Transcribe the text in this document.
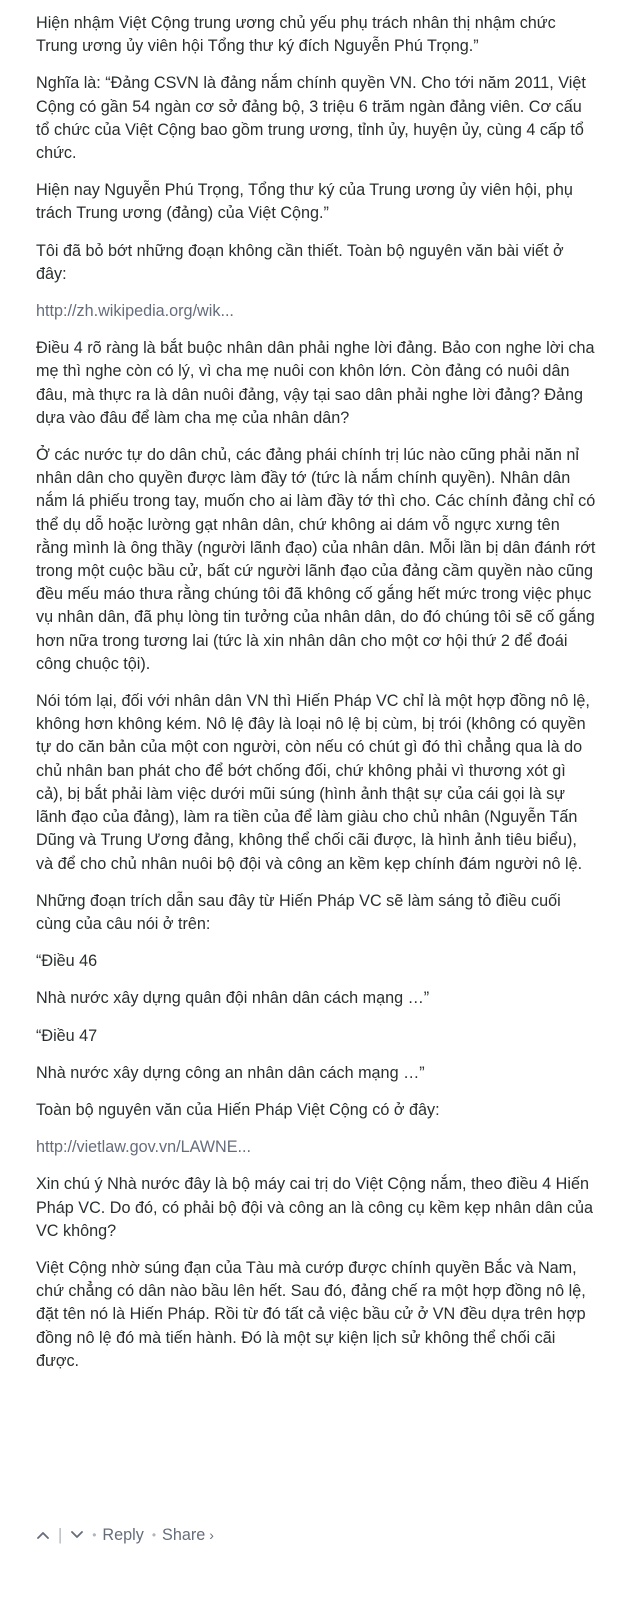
Hiện nhậm Việt Cộng trung ương chủ yếu phụ trách nhân thị nhậm chức Trung ương ủy viên hội Tổng thư ký đích Nguyễn Phú Trọng.”

Nghĩa là: “Đảng CSVN là đảng nắm chính quyền VN. Cho tới năm 2011, Việt Cộng có gần 54 ngàn cơ sở đảng bộ, 3 triệu 6 trăm ngàn đảng viên. Cơ cấu tổ chức của Việt Cộng bao gồm trung ương, tỉnh ủy, huyện ủy, cùng 4 cấp tổ chức.

Hiện nay Nguyễn Phú Trọng, Tổng thư ký của Trung ương ủy viên hội, phụ trách Trung ương (đảng) của Việt Cộng.”

Tôi đã bỏ bớt những đoạn không cần thiết. Toàn bộ nguyên văn bài viết ở đây:

http://zh.wikipedia.org/wik...

Điều 4 rõ ràng là bắt buộc nhân dân phải nghe lời đảng. Bảo con nghe lời cha mẹ thì nghe còn có lý, vì cha mẹ nuôi con khôn lớn. Còn đảng có nuôi dân đâu, mà thực ra là dân nuôi đảng, vậy tại sao dân phải nghe lời đảng? Đảng dựa vào đâu để làm cha mẹ của nhân dân?

Ở các nước tự do dân chủ, các đảng phái chính trị lúc nào cũng phải năn nỉ nhân dân cho quyền được làm đầy tớ (tức là nắm chính quyền). Nhân dân nắm lá phiếu trong tay, muốn cho ai làm đầy tớ thì cho. Các chính đảng chỉ có thể dụ dỗ hoặc lường gạt nhân dân, chứ không ai dám vỗ ngực xưng tên rằng mình là ông thầy (người lãnh đạo) của nhân dân. Mỗi lần bị dân đánh rớt trong một cuộc bầu cử, bất cứ người lãnh đạo của đảng cầm quyền nào cũng đều mếu máo thưa rằng chúng tôi đã không cố gắng hết mức trong việc phục vụ nhân dân, đã phụ lòng tin tưởng của nhân dân, do đó chúng tôi sẽ cố gắng hơn nữa trong tương lai (tức là xin nhân dân cho một cơ hội thứ 2 để đoái công chuộc tội).

Nói tóm lại, đối với nhân dân VN thì Hiến Pháp VC chỉ là một hợp đồng nô lệ, không hơn không kém. Nô lệ đây là loại nô lệ bị cùm, bị trói (không có quyền tự do căn bản của một con người, còn nếu có chút gì đó thì chẳng qua là do chủ nhân ban phát cho để bớt chống đối, chứ không phải vì thương xót gì cả), bị bắt phải làm việc dưới mũi súng (hình ảnh thật sự của cái gọi là sự lãnh đạo của đảng), làm ra tiền của để làm giàu cho chủ nhân (Nguyễn Tấn Dũng và Trung Ương đảng, không thể chối cãi được, là hình ảnh tiêu biểu), và để cho chủ nhân nuôi bộ đội và công an kềm kẹp chính đám người nô lệ.

Những đoạn trích dẫn sau đây từ Hiến Pháp VC sẽ làm sáng tỏ điều cuối cùng của câu nói ở trên:

“Điều 46

Nhà nước xây dựng quân đội nhân dân cách mạng …”

“Điều 47

Nhà nước xây dựng công an nhân dân cách mạng …”

Toàn bộ nguyên văn của Hiến Pháp Việt Cộng có ở đây:

http://vietlaw.gov.vn/LAWNE...

Xin chú ý Nhà nước đây là bộ máy cai trị do Việt Cộng nắm, theo điều 4 Hiến Pháp VC. Do đó, có phải bộ đội và công an là công cụ kềm kẹp nhân dân của VC không?

Việt Cộng nhờ súng đạn của Tàu mà cướp được chính quyền Bắc và Nam, chứ chẳng có dân nào bầu lên hết. Sau đó, đảng chế ra một hợp đồng nô lệ, đặt tên nó là Hiến Pháp. Rồi từ đó tất cả việc bầu cử ở VN đều dựa trên hợp đồng nô lệ đó mà tiến hành. Đó là một sự kiện lịch sử không thể chối cãi được.

|	• Reply • Share ›
